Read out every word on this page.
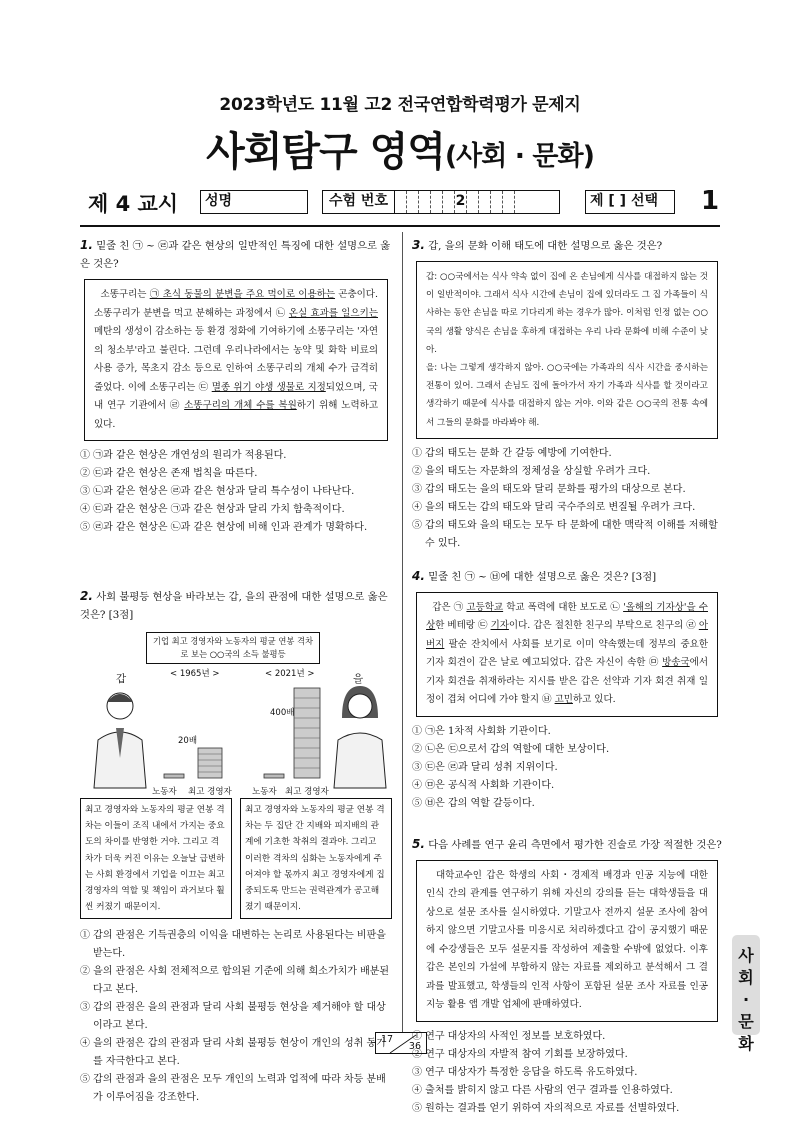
2023학년도 11월 고2 전국연합학력평가 문제지
사회탐구 영역(사회 · 문화)
제 4 교시	성명	수험 번호	2	제 [ ] 선택	1
1. 밑줄 친 ㉠ ~ ㉣과 같은 현상의 일반적인 특징에 대한 설명으로 옳은 것은?
소똥구리는 ㉠ 초식 동물의 분변을 주요 먹이로 이용하는 곤충이다. 소똥구리가 분변을 먹고 분해하는 과정에서 ㉡ 온실 효과를 일으키는 메탄의 생성이 감소하는 등 환경 정화에 기여하기에 소똥구리는 '자연의 청소부'라고 불린다. 그런데 우리나라에서는 농약 및 화학 비료의 사용 증가, 목초지 감소 등으로 인하여 소똥구리의 개체 수가 급격히 줄었다. 이에 소똥구리는 ㉢ 멸종 위기 야생 생물로 지정되었으며, 국내 연구 기관에서 ㉣ 소똥구리의 개체 수를 복원하기 위해 노력하고 있다.
① ㉠과 같은 현상은 개연성의 원리가 적용된다.
② ㉢과 같은 현상은 존재 법칙을 따른다.
③ ㉡과 같은 현상은 ㉣과 같은 현상과 달리 특수성이 나타난다.
④ ㉢과 같은 현상은 ㉠과 같은 현상과 달리 가치 함축적이다.
⑤ ㉣과 같은 현상은 ㉡과 같은 현상에 비해 인과 관계가 명확하다.
2. 사회 불평등 현상을 바라보는 갑, 을의 관점에 대한 설명으로 옳은 것은? [3점]
기업 최고 경영자와 노동자의 평균 연봉 격차로 보는 ○○국의 소득 불평등
< 1965년 >	< 2021년 >
갑	을
20배
400배
노동자 최고 경영자 노동자 최고 경영자
최고 경영자와 노동자의 평균 연봉 격차는 이들이 조직 내에서 가지는 중요도의 차이를 반영한 거야. 그리고 격차가 더욱 커진 이유는 오늘날 급변하는 사회 환경에서 기업을 이끄는 최고 경영자의 역할 및 책임이 과거보다 훨씬 커졌기 때문이지.
최고 경영자와 노동자의 평균 연봉 격차는 두 집단 간 지배와 피지배의 관계에 기초한 착취의 결과야. 그리고 이러한 격차의 심화는 노동자에게 주어져야 할 몫까지 최고 경영자에게 집중되도록 만드는 권력관계가 공고해졌기 때문이지.
① 갑의 관점은 기득권층의 이익을 대변하는 논리로 사용된다는 비판을 받는다.
② 을의 관점은 사회 전체적으로 합의된 기준에 의해 희소가치가 배분된다고 본다.
③ 갑의 관점은 을의 관점과 달리 사회 불평등 현상을 제거해야 할 대상이라고 본다.
④ 을의 관점은 갑의 관점과 달리 사회 불평등 현상이 개인의 성취 동기를 자극한다고 본다.
⑤ 갑의 관점과 을의 관점은 모두 개인의 노력과 업적에 따라 차등 분배가 이루어짐을 강조한다.
3. 갑, 을의 문화 이해 태도에 대한 설명으로 옳은 것은?
갑: ○○국에서는 식사 약속 없이 집에 온 손님에게 식사를 대접하지 않는 것이 일반적이야. 그래서 식사 시간에 손님이 집에 있더라도 그 집 가족들이 식사하는 동안 손님을 따로 기다리게 하는 경우가 많아. 이처럼 인정 없는 ○○국의 생활 양식은 손님을 후하게 대접하는 우리 나라 문화에 비해 수준이 낮아.
을: 나는 그렇게 생각하지 않아. ○○국에는 가족과의 식사 시간을 중시하는 전통이 있어. 그래서 손님도 집에 돌아가서 자기 가족과 식사를 할 것이라고 생각하기 때문에 식사를 대접하지 않는 거야. 이와 같은 ○○국의 전통 속에서 그들의 문화를 바라봐야 해.
① 갑의 태도는 문화 간 갈등 예방에 기여한다.
② 을의 태도는 자문화의 정체성을 상실할 우려가 크다.
③ 갑의 태도는 을의 태도와 달리 문화를 평가의 대상으로 본다.
④ 을의 태도는 갑의 태도와 달리 국수주의로 변질될 우려가 크다.
⑤ 갑의 태도와 을의 태도는 모두 타 문화에 대한 맥락적 이해를 저해할 수 있다.
4. 밑줄 친 ㉠ ~ ㉥에 대한 설명으로 옳은 것은? [3점]
갑은 ㉠ 고등학교 학교 폭력에 대한 보도로 ㉡ '올해의 기자상'을 수상한 베테랑 ㉢ 기자이다. 갑은 절친한 친구의 부탁으로 친구의 ㉣ 아버지 팔순 잔치에서 사회를 보기로 이미 약속했는데 정부의 중요한 기자 회견이 같은 날로 예고되었다. 갑은 자신이 속한 ㉤ 방송국에서 기자 회견을 취재하라는 지시를 받은 갑은 선약과 기자 회견 취재 일정이 겹쳐 어디에 가야 할지 ㉥ 고민하고 있다.
① ㉠은 1차적 사회화 기관이다.
② ㉡은 ㉢으로서 갑의 역할에 대한 보상이다.
③ ㉢은 ㉣과 달리 성취 지위이다.
④ ㉤은 공식적 사회화 기관이다.
⑤ ㉥은 갑의 역할 갈등이다.
5. 다음 사례를 연구 윤리 측면에서 평가한 진술로 가장 적절한 것은?
대학교수인 갑은 학생의 사회・경제적 배경과 인공 지능에 대한 인식 간의 관계를 연구하기 위해 자신의 강의를 듣는 대학생들을 대상으로 설문 조사를 실시하였다. 기말고사 전까지 설문 조사에 참여하지 않으면 기말고사를 미응시로 처리하겠다고 갑이 공지했기 때문에 수강생들은 모두 설문지를 작성하여 제출할 수밖에 없었다. 이후 갑은 본인의 가설에 부합하지 않는 자료를 제외하고 분석해서 그 결과를 발표했고, 학생들의 인적 사항이 포함된 설문 조사 자료를 인공 지능 활용 앱 개발 업체에 판매하였다.
① 연구 대상자의 사적인 정보를 보호하였다.
② 연구 대상자의 자발적 참여 기회를 보장하였다.
③ 연구 대상자가 특정한 응답을 하도록 유도하였다.
④ 출처를 밝히지 않고 다른 사람의 연구 결과를 인용하였다.
⑤ 원하는 결과를 얻기 위하여 자의적으로 자료를 선별하였다.
사
회
·
문
화
17
36
